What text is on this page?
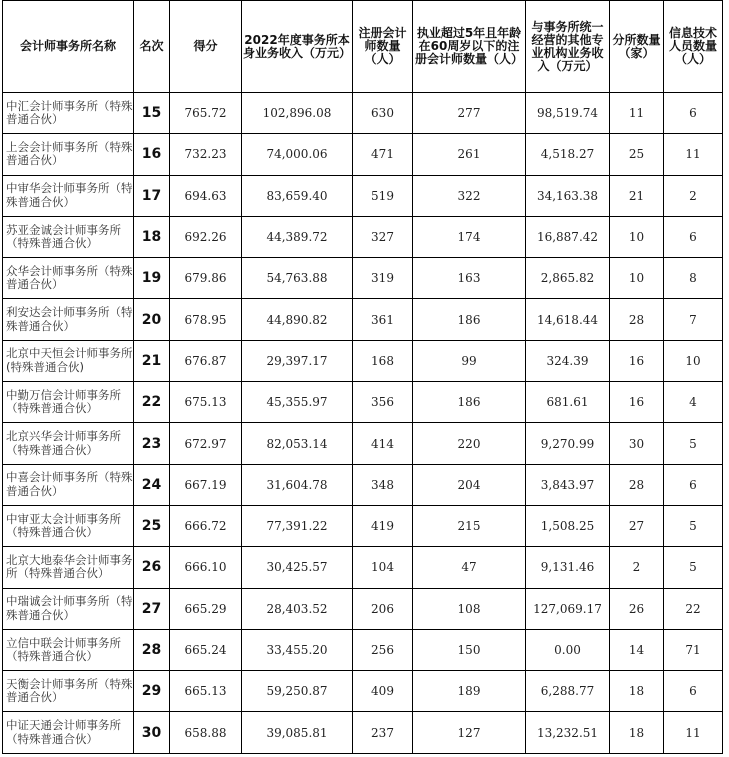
会计师事务所名称	名次	得分	2022年度事务所本身业务收入（万元）	注册会计师数量（人）	执业超过5年且年龄在60周岁以下的注册会计师数量（人）	与事务所统一经营的其他专业机构业务收入（万元）	分所数量（家）	信息技术人员数量（人）
中汇会计师事务所（特殊普通合伙）	15	765.72	102,896.08	630	277	98,519.74	11	6
上会会计师事务所（特殊普通合伙）	16	732.23	74,000.06	471	261	4,518.27	25	11
中审华会计师事务所（特殊普通合伙）	17	694.63	83,659.40	519	322	34,163.38	21	2
苏亚金诚会计师事务所（特殊普通合伙）	18	692.26	44,389.72	327	174	16,887.42	10	6
众华会计师事务所（特殊普通合伙）	19	679.86	54,763.88	319	163	2,865.82	10	8
利安达会计师事务所（特殊普通合伙）	20	678.95	44,890.82	361	186	14,618.44	28	7
北京中天恒会计师事务所(特殊普通合伙)	21	676.87	29,397.17	168	99	324.39	16	10
中勤万信会计师事务所（特殊普通合伙）	22	675.13	45,355.97	356	186	681.61	16	4
北京兴华会计师事务所（特殊普通合伙）	23	672.97	82,053.14	414	220	9,270.99	30	5
中喜会计师事务所（特殊普通合伙）	24	667.19	31,604.78	348	204	3,843.97	28	6
中审亚太会计师事务所（特殊普通合伙）	25	666.72	77,391.22	419	215	1,508.25	27	5
北京大地泰华会计师事务所（特殊普通合伙）	26	666.10	30,425.57	104	47	9,131.46	2	5
中瑞诚会计师事务所（特殊普通合伙）	27	665.29	28,403.52	206	108	127,069.17	26	22
立信中联会计师事务所（特殊普通合伙）	28	665.24	33,455.20	256	150	0.00	14	71
天衡会计师事务所（特殊普通合伙）	29	665.13	59,250.87	409	189	6,288.77	18	6
中证天通会计师事务所（特殊普通合伙）	30	658.88	39,085.81	237	127	13,232.51	18	11
